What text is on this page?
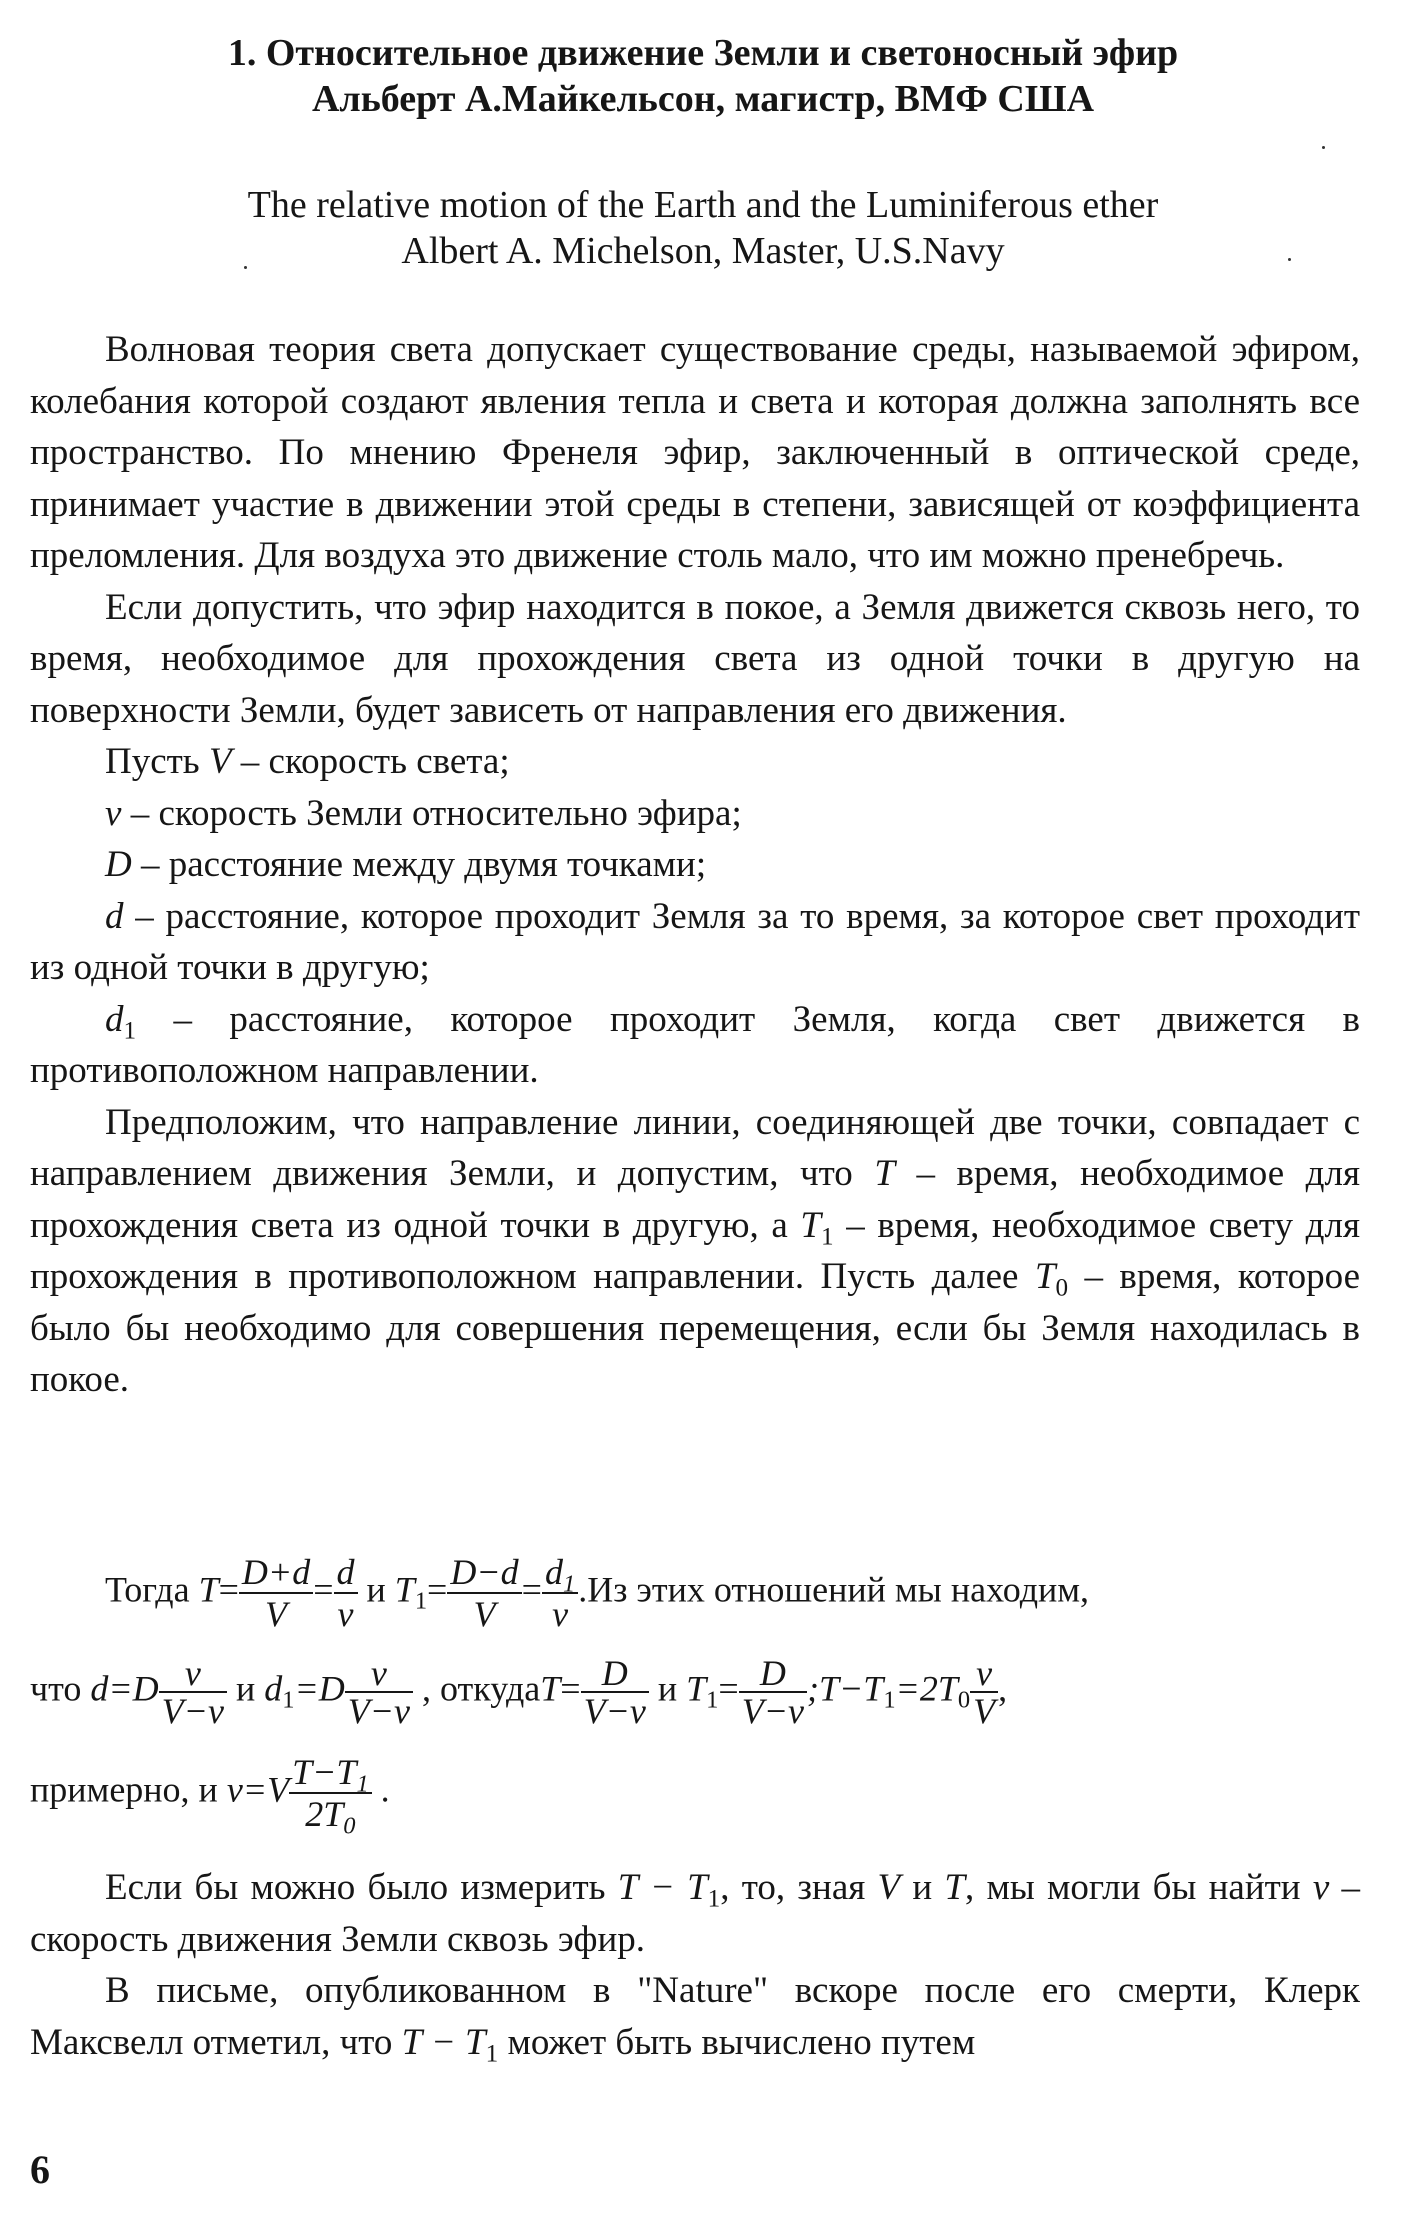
1. Относительное движение Земли и светоносный эфир
Альберт А.Майкельсон, магистр, ВМФ США
The relative motion of the Earth and the Luminiferous ether
Albert A. Michelson, Master, U.S.Navy

Волновая теория света допускает существование среды, называемой эфиром, колебания которой создают явления тепла и света и которая должна заполнять все пространство. По мнению Френеля эфир, заключенный в оптической среде, принимает участие в движении этой среды в степени, зависящей от коэффициента преломления. Для воздуха это движение столь мало, что им можно пренебречь.

Если допустить, что эфир находится в покое, а Земля движется сквозь него, то время, необходимое для прохождения света из одной точки в другую на поверхности Земли, будет зависеть от направления его движения.

Пусть V – скорость света;

v – скорость Земли относительно эфира;

D – расстояние между двумя точками;

d – расстояние, которое проходит Земля за то время, за которое свет проходит из одной точки в другую;

$d_1$ – расстояние, которое проходит Земля, когда свет движется в противоположном направлении.

Предположим, что направление линии, соединяющей две точки, совпадает с направлением движения Земли, и допустим, что T – время, необходимое для прохождения света из одной точки в другую, а $T_1$ – время, необходимое свету для прохождения в противоположном направлении. Пусть далее $T_0$ – время, которое было бы необходимо для совершения перемещения, если бы Земля находилась в покое.

Тогда $T= \frac{D+d}{V} = \frac{d}{v}$ и $T_1= \frac{D-d}{V} = \frac{d_1}{v} .Из$ этих отношений мы находим,
что $d=D \frac{v}{V-v}$ и $d_1=D \frac{v}{V-v}$ , откудаT= $\frac{D}{V-v}$ и $T_1= \frac{D}{V-v}$ $;T-T_1=2T_0 \frac{v}{V}$ ,
примерно, и $v=V \frac{T-T_1}{2T_0}$ .

Если бы можно было измерить $T - T_1$, то, зная V и T, мы могли бы найти v – скорость движения Земли сквозь эфир.

В письме, опубликованном в "Nature" вскоре после его смерти, Клерк Максвелл отметил, что $T - T_1$ может быть вычислено путем

6
